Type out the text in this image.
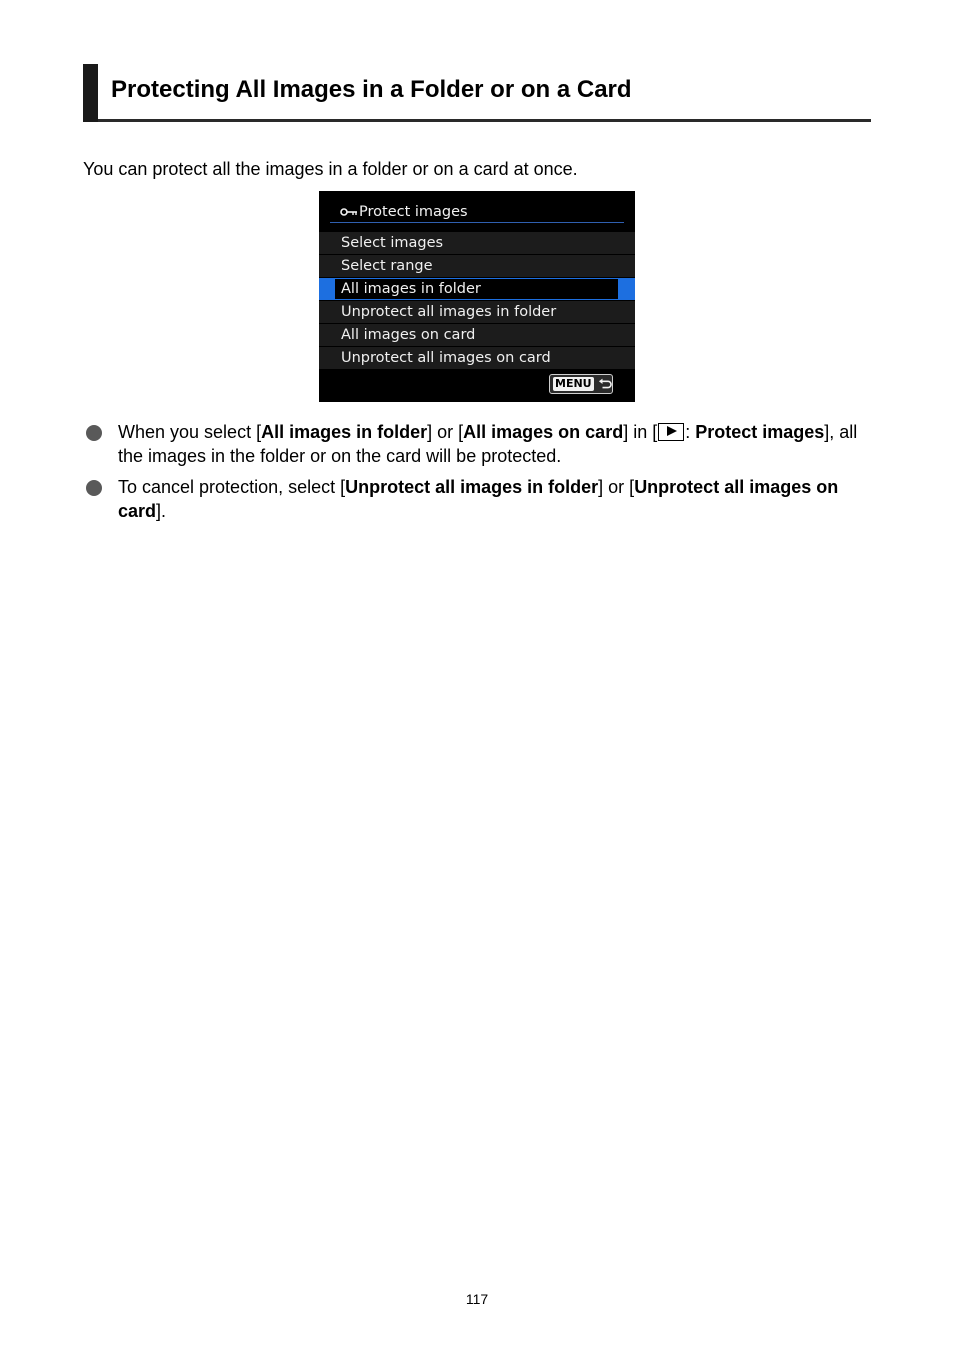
Protecting All Images in a Folder or on a Card
You can protect all the images in a folder or on a card at once.
Protect images
Select images
Select range
All images in folder
Unprotect all images in folder
All images on card
Unprotect all images on card
MENU
When you select [All images in folder] or [All images on card] in [ : Protect images], all the images in the folder or on the card will be protected.
To cancel protection, select [Unprotect all images in folder] or [Unprotect all images on card].
117
